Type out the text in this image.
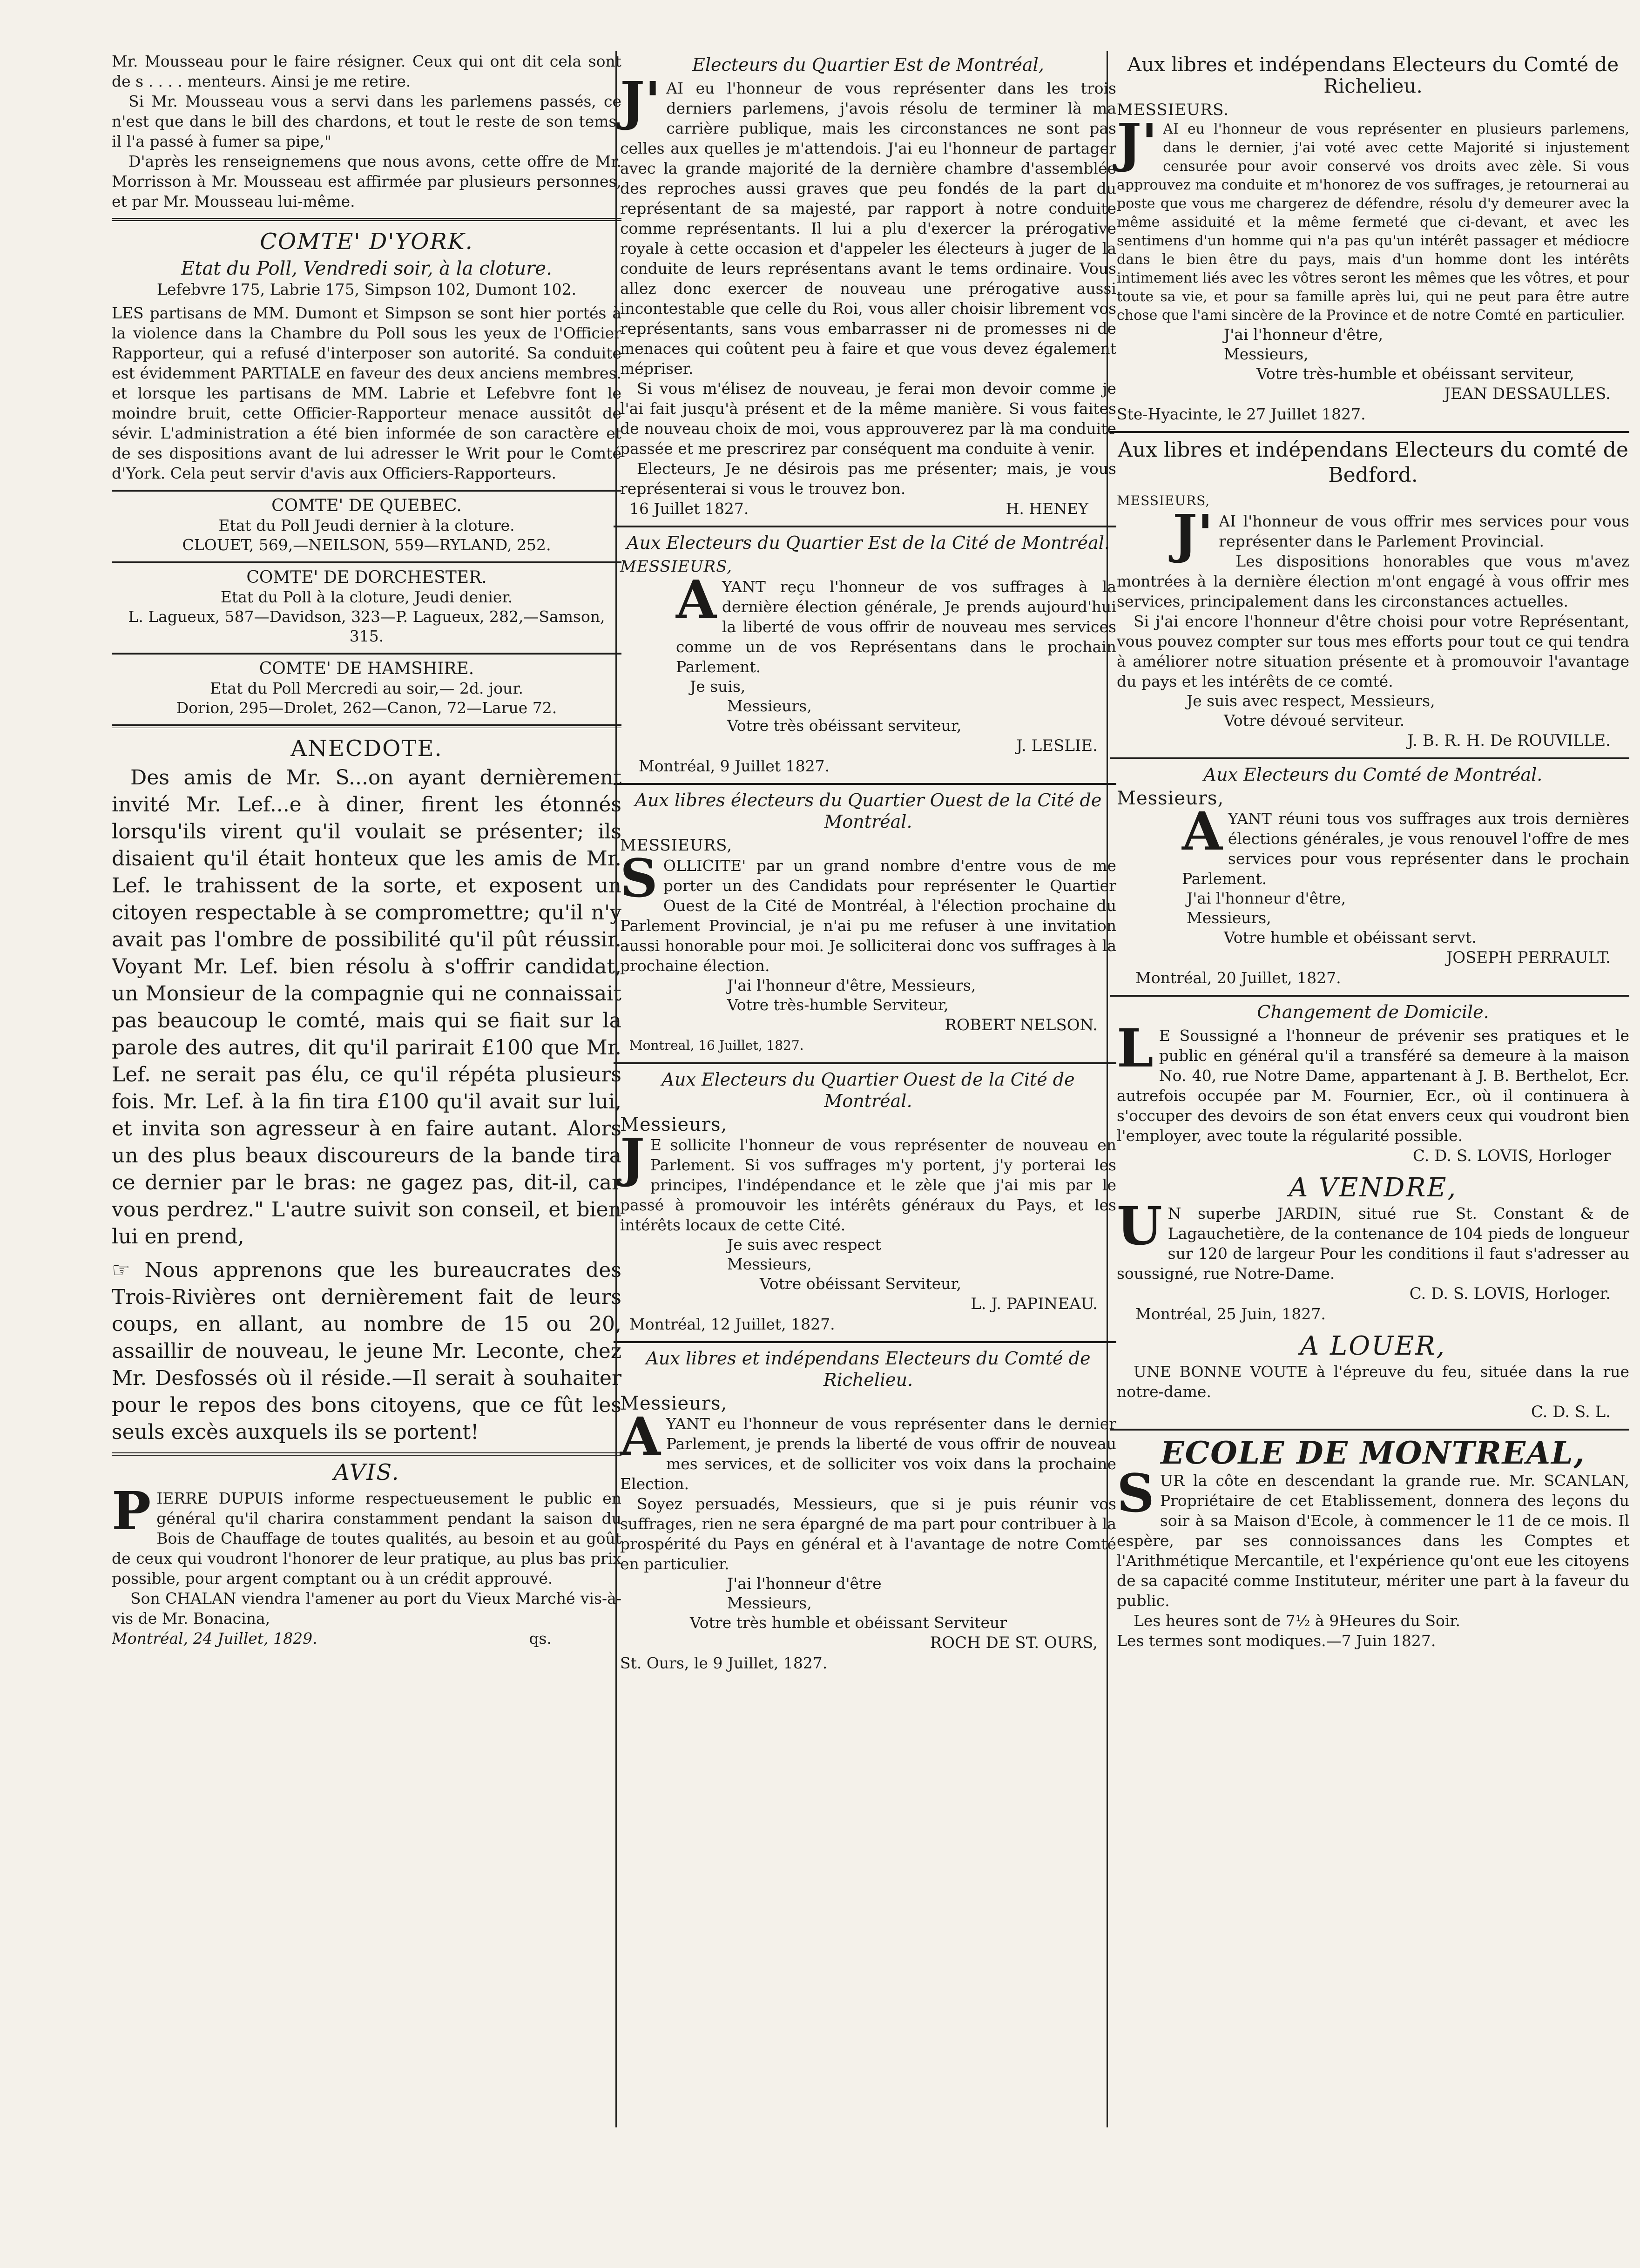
Mr. Mousseau pour le faire résigner. Ceux qui ont dit cela sont de s . . . . menteurs. Ainsi je me retire.

Si Mr. Mousseau vous a servi dans les parlemens passés, ce n'est que dans le bill des chardons, et tout le reste de son tems, il l'a passé à fumer sa pipe,"

D'après les renseignemens que nous avons, cette offre de Mr. Morrisson à Mr. Mousseau est affirmée par plusieurs personnes, et par Mr. Mousseau lui-même.

COMTE' D'YORK.
Etat du Poll, Vendredi soir, à la cloture.

Lefebvre 175, Labrie 175, Simpson 102, Dumont 102.

LES partisans de MM. Dumont et Simpson se sont hier portés à la violence dans la Chambre du Poll sous les yeux de l'Officier Rapporteur, qui a refusé d'interposer son autorité. Sa conduite est évidemment PARTIALE en faveur des deux anciens membres. et lorsque les partisans de MM. Labrie et Lefebvre font le moindre bruit, cette Officier-Rapporteur menace aussitôt de sévir. L'administration a été bien informée de son caractère et de ses dispositions avant de lui adresser le Writ pour le Comté d'York. Cela peut servir d'avis aux Officiers-Rapporteurs.

COMTE' DE QUEBEC.

Etat du Poll Jeudi dernier à la cloture.

CLOUET, 569,—NEILSON, 559—RYLAND, 252.

COMTE' DE DORCHESTER.

Etat du Poll à la cloture, Jeudi denier.

L. Lagueux, 587—Davidson, 323—P. Lagueux, 282,—Samson, 315.

COMTE' DE HAMSHIRE.

Etat du Poll Mercredi au soir,— 2d. jour.

Dorion, 295—Drolet, 262—Canon, 72—Larue 72.

ANECDOTE.

Des amis de Mr. S...on ayant dernièrement invité Mr. Lef...e à diner, firent les étonnés lorsqu'ils virent qu'il voulait se présenter; ils disaient qu'il était honteux que les amis de Mr. Lef. le trahissent de la sorte, et exposent un citoyen respectable à se compromettre; qu'il n'y avait pas l'ombre de possibilité qu'il pût réussir. Voyant Mr. Lef. bien résolu à s'offrir candidat, un Monsieur de la compagnie qui ne connaissait pas beaucoup le comté, mais qui se fiait sur la parole des autres, dit qu'il parirait £100 que Mr. Lef. ne serait pas élu, ce qu'il répéta plusieurs fois. Mr. Lef. à la fin tira £100 qu'il avait sur lui, et invita son agresseur à en faire autant. Alors un des plus beaux discoureurs de la bande tira ce dernier par le bras: ne gagez pas, dit-il, car vous perdrez." L'autre suivit son conseil, et bien lui en prend,

☞ Nous apprenons que les bureaucrates des Trois-Rivières ont dernièrement fait de leurs coups, en allant, au nombre de 15 ou 20, assaillir de nouveau, le jeune Mr. Leconte, chez Mr. Desfossés où il réside.—Il serait à souhaiter pour le repos des bons citoyens, que ce fût les seuls excès auxquels ils se portent!

AVIS.

PIERRE DUPUIS informe respectueusement le public en général qu'il charira constamment pendant la saison du Bois de Chauffage de toutes qualités, au besoin et au goût de ceux qui voudront l'honorer de leur pratique, au plus bas prix possible, pour argent comptant ou à un crédit approuvé.

Son CHALAN viendra l'amener au port du Vieux Marché vis-à-vis de Mr. Bonacina,

Montréal, 24 Juillet, 1829.	qs.
Electeurs du Quartier Est de Montréal,

J'AI eu l'honneur de vous représenter dans les trois derniers parlemens, j'avois résolu de terminer là ma carrière publique, mais les circonstances ne sont pas celles aux quelles je m'attendois. J'ai eu l'honneur de partager avec la grande majorité de la dernière chambre d'assemblée des reproches aussi graves que peu fondés de la part du représentant de sa majesté, par rapport à notre conduite comme représentants. Il lui a plu d'exercer la prérogative royale à cette occasion et d'appeler les électeurs à juger de la conduite de leurs représentans avant le tems ordinaire. Vous allez donc exercer de nouveau une prérogative aussi incontestable que celle du Roi, vous aller choisir librement vos représentants, sans vous embarrasser ni de promesses ni de menaces qui coûtent peu à faire et que vous devez également mépriser.

Si vous m'élisez de nouveau, je ferai mon devoir comme je l'ai fait jusqu'à présent et de la même manière. Si vous faites de nouveau choix de moi, vous approuverez par là ma conduite passée et me prescrirez par conséquent ma conduite à venir.

Electeurs, Je ne désirois pas me présenter; mais, je vous représenterai si vous le trouvez bon.

16 Juillet 1827.	H. HENEY
Aux Electeurs du Quartier Est de la Cité de Montréal.
MESSIEURS,

AYANT reçu l'honneur de vos suffrages à la dernière élection générale, Je prends aujourd'hui la liberté de vous offrir de nouveau mes services comme un de vos Représentans dans le prochain Parlement.

Je suis,

Messieurs,

Votre très obéissant serviteur,

J. LESLIE.

Montréal, 9 Juillet 1827.

Aux libres électeurs du Quartier Ouest de la Cité de Montréal.
MESSIEURS,

SOLLICITE' par un grand nombre d'entre vous de me porter un des Candidats pour représenter le Quartier Ouest de la Cité de Montréal, à l'élection prochaine du Parlement Provincial, je n'ai pu me refuser à une invitation aussi honorable pour moi. Je solliciterai donc vos suffrages à la prochaine élection.

J'ai l'honneur d'être, Messieurs,

Votre très-humble Serviteur,

ROBERT NELSON.

Montreal, 16 Juillet, 1827.

Aux Electeurs du Quartier Ouest de la Cité de Montréal.
Messieurs,

JE sollicite l'honneur de vous représenter de nouveau en Parlement. Si vos suffrages m'y portent, j'y porterai les principes, l'indépendance et le zèle que j'ai mis par le passé à promouvoir les intérêts généraux du Pays, et les intérêts locaux de cette Cité.

Je suis avec respect

Messieurs,

Votre obéissant Serviteur,

L. J. PAPINEAU.

Montréal, 12 Juillet, 1827.

Aux libres et indépendans Electeurs du Comté de Richelieu.
Messieurs,

AYANT eu l'honneur de vous représenter dans le dernier Parlement, je prends la liberté de vous offrir de nouveau mes services, et de solliciter vos voix dans la prochaine Election.

Soyez persuadés, Messieurs, que si je puis réunir vos suffrages, rien ne sera épargné de ma part pour contribuer à la prospérité du Pays en général et à l'avantage de notre Comté en particulier.

J'ai l'honneur d'être

Messieurs,

Votre très humble et obéissant Serviteur

ROCH DE ST. OURS,

St. Ours, le 9 Juillet, 1827.

Aux libres et indépendans Electeurs du Comté de Richelieu.
MESSIEURS.

J'AI eu l'honneur de vous représenter en plusieurs parlemens, dans le dernier, j'ai voté avec cette Majorité si injustement censurée pour avoir conservé vos droits avec zèle. Si vous approuvez ma conduite et m'honorez de vos suffrages, je retournerai au poste que vous me chargerez de défendre, résolu d'y demeurer avec la même assiduité et la même fermeté que ci-devant, et avec les sentimens d'un homme qui n'a pas qu'un intérêt passager et médiocre dans le bien être du pays, mais d'un homme dont les intérêts intimement liés avec les vôtres seront les mêmes que les vôtres, et pour toute sa vie, et pour sa famille après lui, qui ne peut para être autre chose que l'ami sincère de la Province et de notre Comté en particulier.

J'ai l'honneur d'être,

Messieurs,

Votre très-humble et obéissant serviteur,

JEAN DESSAULLES.

Ste-Hyacinte, le 27 Juillet 1827.

Aux libres et indépendans Electeurs du comté de Bedford.
MESSIEURS,

J'AI l'honneur de vous offrir mes services pour vous représenter dans le Parlement Provincial.

Les dispositions honorables que vous m'avez montrées à la dernière élection m'ont engagé à vous offrir mes services, principalement dans les circonstances actuelles.

Si j'ai encore l'honneur d'être choisi pour votre Représentant, vous pouvez compter sur tous mes efforts pour tout ce qui tendra à améliorer notre situation présente et à promouvoir l'avantage du pays et les intérêts de ce comté.

Je suis avec respect, Messieurs,

Votre dévoué serviteur.

J. B. R. H. De ROUVILLE.

Aux Electeurs du Comté de Montréal.
Messieurs,

AYANT réuni tous vos suffrages aux trois dernières élections générales, je vous renouvel l'offre de mes services pour vous représenter dans le prochain Parlement.

J'ai l'honneur d'être,

Messieurs,

Votre humble et obéissant servt.

JOSEPH PERRAULT.

Montréal, 20 Juillet, 1827.

Changement de Domicile.

LE Soussigné a l'honneur de prévenir ses pratiques et le public en général qu'il a transféré sa demeure à la maison No. 40, rue Notre Dame, appartenant à J. B. Berthelot, Ecr. autrefois occupée par M. Fournier, Ecr., où il continuera à s'occuper des devoirs de son état envers ceux qui voudront bien l'employer, avec toute la régularité possible.

C. D. S. LOVIS, Horloger

A VENDRE,

UN superbe JARDIN, situé rue St. Constant & de Lagauchetière, de la contenance de 104 pieds de longueur sur 120 de largeur Pour les conditions il faut s'adresser au soussigné, rue Notre-Dame.

C. D. S. LOVIS, Horloger.

Montréal, 25 Juin, 1827.

A LOUER,

UNE BONNE VOUTE à l'épreuve du feu, située dans la rue notre-dame.

C. D. S. L.

ECOLE DE MONTREAL,

SUR la côte en descendant la grande rue. Mr. SCANLAN, Propriétaire de cet Etablissement, donnera des leçons du soir à sa Maison d'Ecole, à commencer le 11 de ce mois. Il espère, par ses connoissances dans les Comptes et l'Arithmétique Mercantile, et l'expérience qu'ont eue les citoyens de sa capacité comme Instituteur, mériter une part à la faveur du public.

Les heures sont de 7½ à 9Heures du Soir.

Les termes sont modiques.—7 Juin 1827.
